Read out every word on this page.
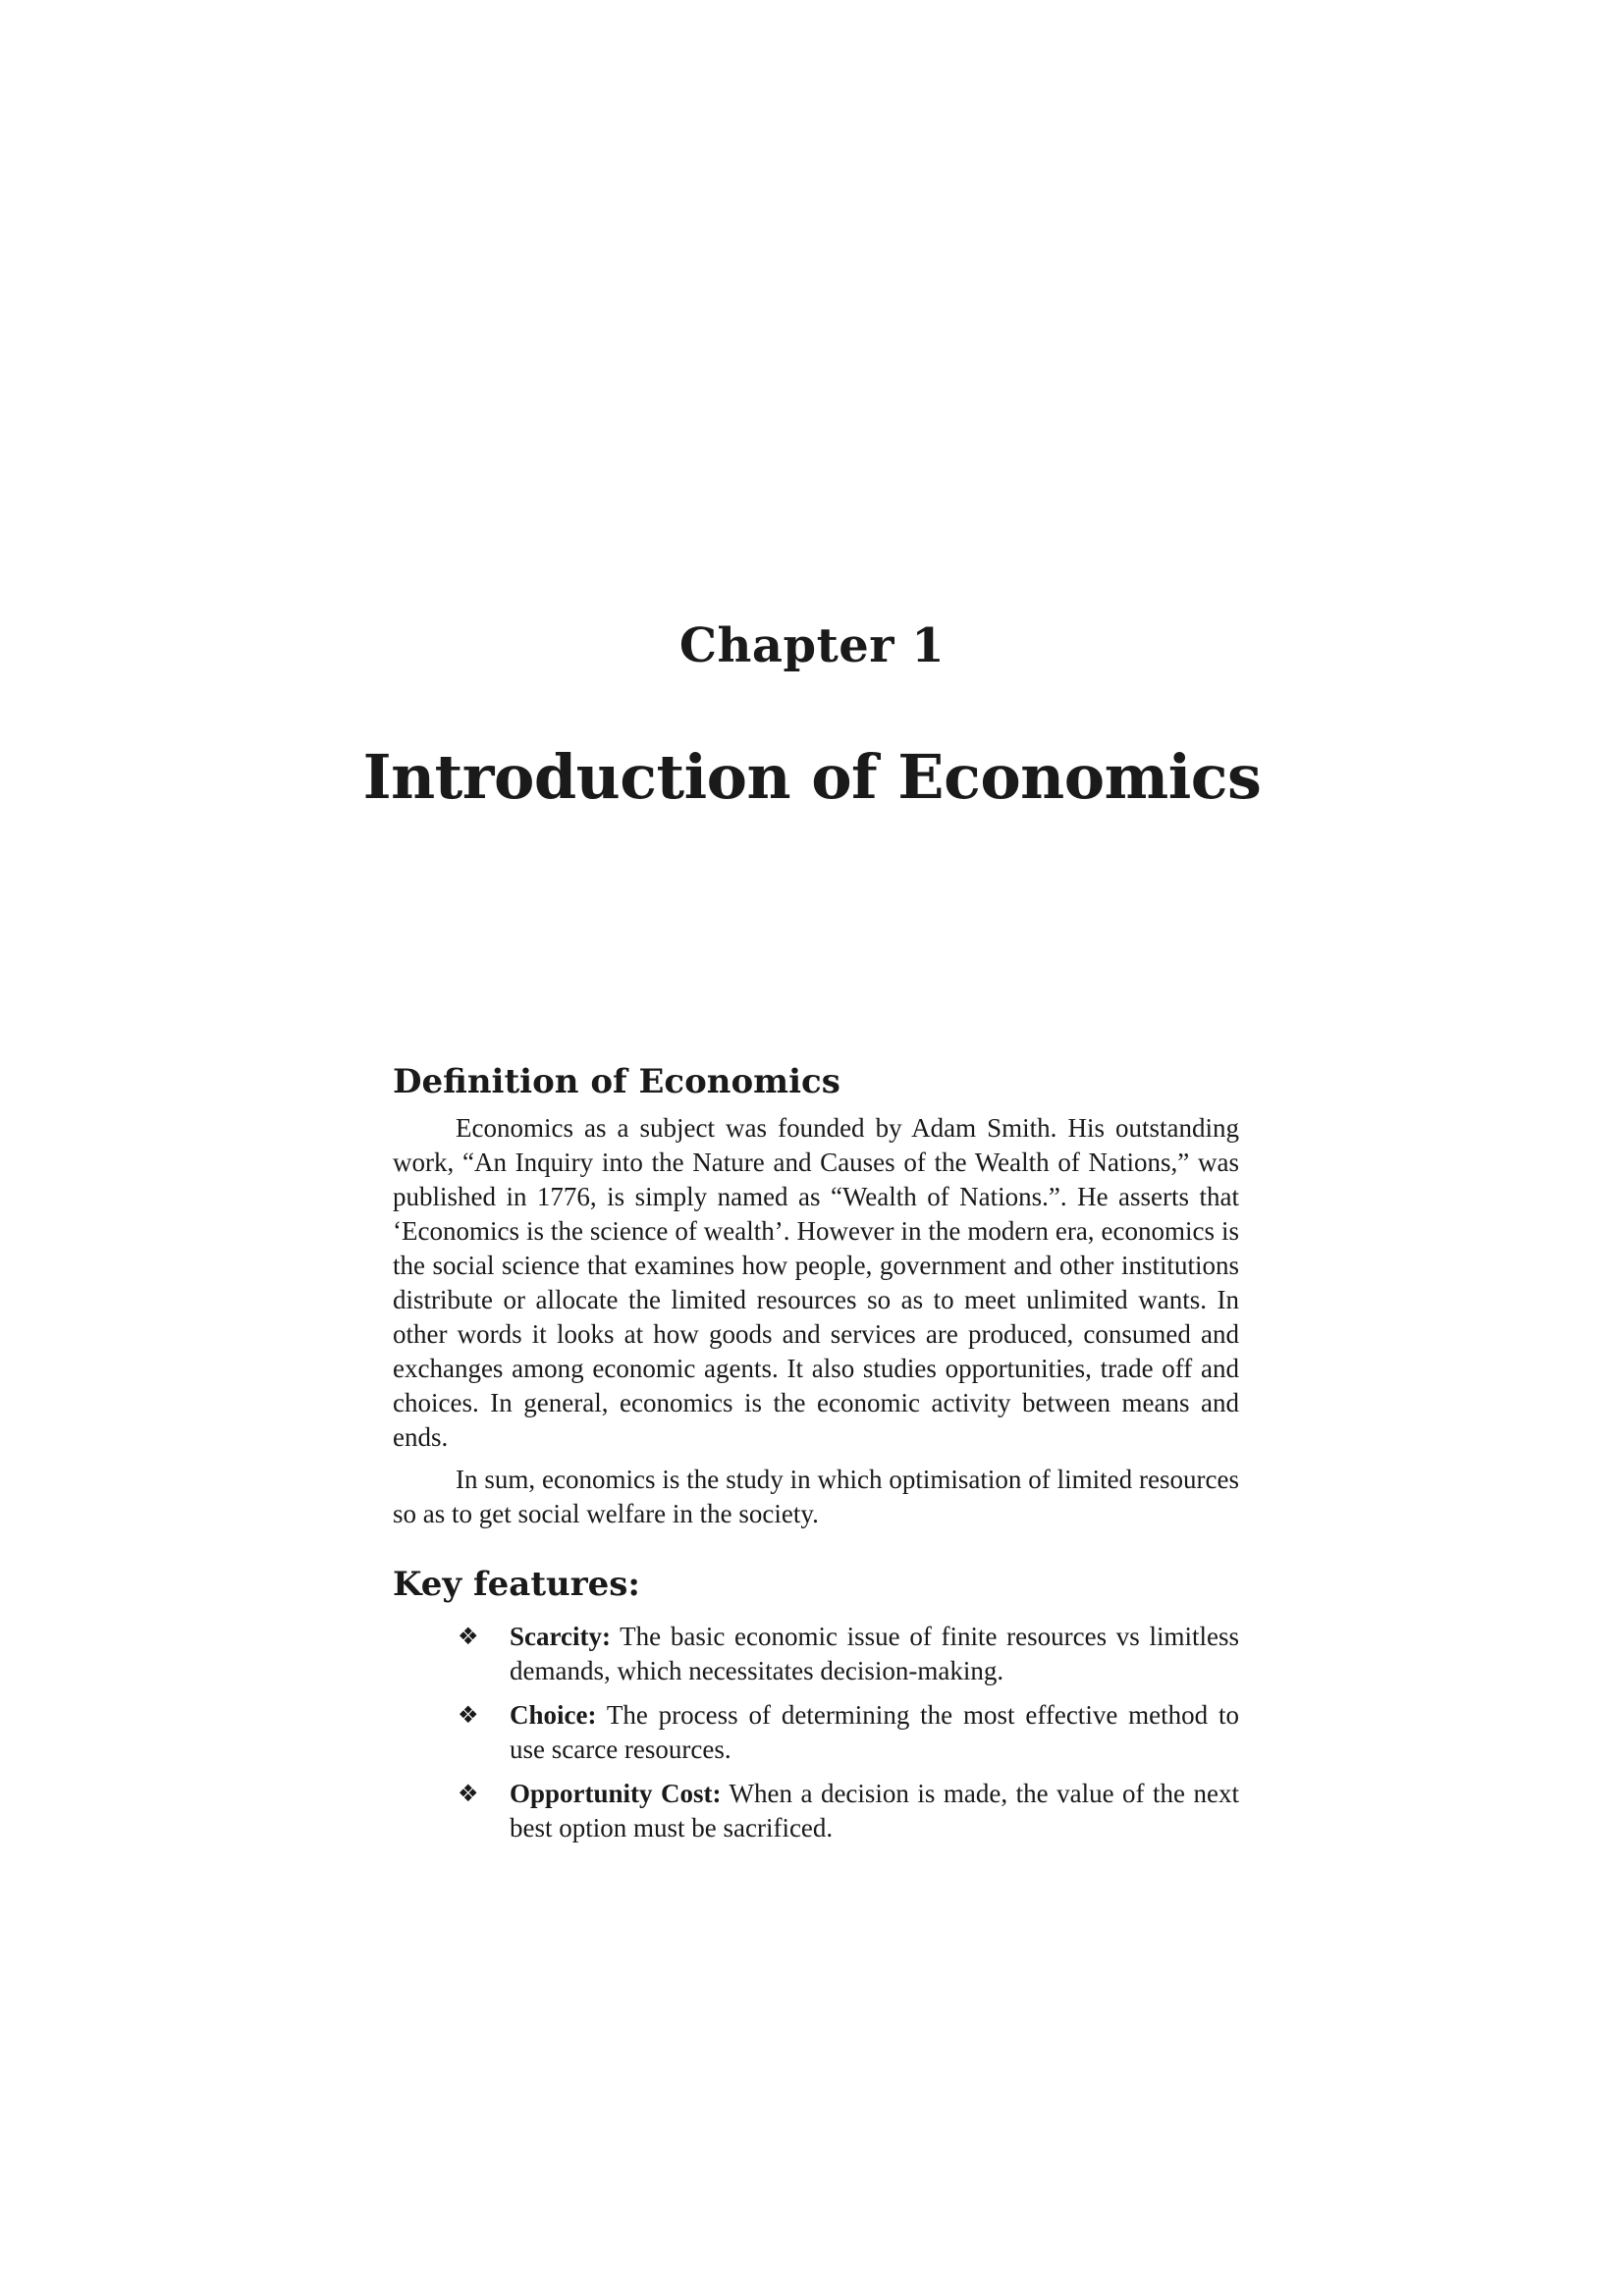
Chapter 1
Introduction of Economics
Definition of Economics

Economics as a subject was founded by Adam Smith. His outstanding work, “An Inquiry into the Nature and Causes of the Wealth of Nations,” was published in 1776, is simply named as “Wealth of Nations.”. He asserts that ‘Economics is the science of wealth’. However in the modern era, economics is the social science that examines how people, government and other institutions distribute or allocate the limited resources so as to meet unlimited wants. In other words it looks at how goods and services are produced, consumed and exchanges among economic agents. It also studies opportunities, trade off and choices. In general, economics is the economic activity between means and ends.

In sum, economics is the study in which optimisation of limited resources so as to get social welfare in the society.

Key features:
❖ Scarcity: The basic economic issue of finite resources vs limitless demands, which necessitates decision-making.
❖ Choice: The process of determining the most effective method to use scarce resources.
❖ Opportunity Cost: When a decision is made, the value of the next best option must be sacrificed.
